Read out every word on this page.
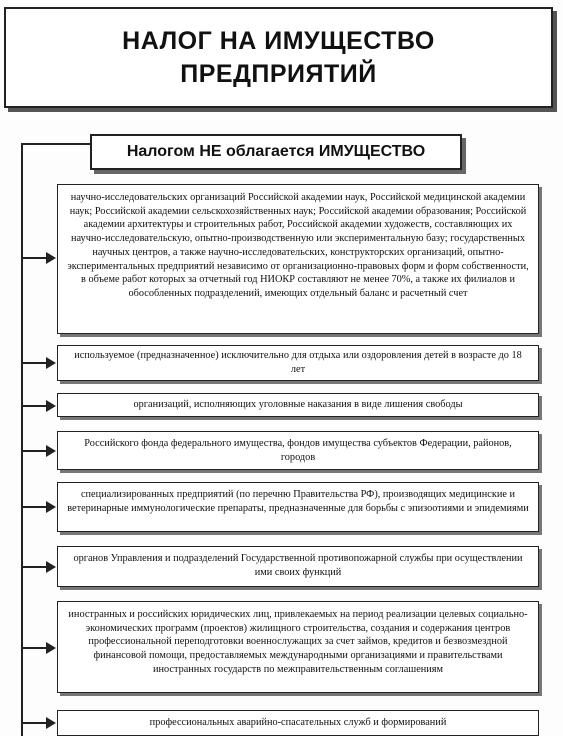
НАЛОГ НА ИМУЩЕСТВО
ПРЕДПРИЯТИЙ
Налогом НЕ облагается ИМУЩЕСТВО
научно-исследовательских организаций Российской академии наук, Российской медицинской академии наук; Российской академии сельскохозяйственных наук; Российской академии образования; Российской академии архитектуры и строительных работ, Российской академии художеств, составляющих их научно-исследовательскую, опытно-производственную или экспериментальную базу; государственных научных центров, а также научно-исследовательских, конструкторских организаций, опытно-экспериментальных предприятий независимо от организационно-правовых форм и форм собственности, в объеме работ которых за отчетный год НИОКР составляют не менее 70%, а также их филиалов и обособленных подразделений, имеющих отдельный баланс и расчетный счет
используемое (предназначенное) исключительно для отдыха или оздоровления детей в возрасте до 18 лет
организаций, исполняющих уголовные наказания в виде лишения свободы
Российского фонда федерального имущества, фондов имущества субъектов Федерации, районов, городов
специализированных предприятий (по перечню Правительства РФ), производящих медицинские и ветеринарные иммунологические препараты, предназначенные для борьбы с эпизоотиями и эпидемиями
органов Управления и подразделений Государственной противопожарной службы при осуществлении ими своих функций
иностранных и российских юридических лиц, привлекаемых на период реализации целевых социально-экономических программ (проектов) жилищного строительства, создания и содержания центров профессиональной переподготовки военнослужащих за счет займов, кредитов и безвозмездной финансовой помощи, предоставляемых международными организациями и правительствами иностранных государств по межправительственным соглашениям
профессиональных аварийно-спасательных служб и формирований
